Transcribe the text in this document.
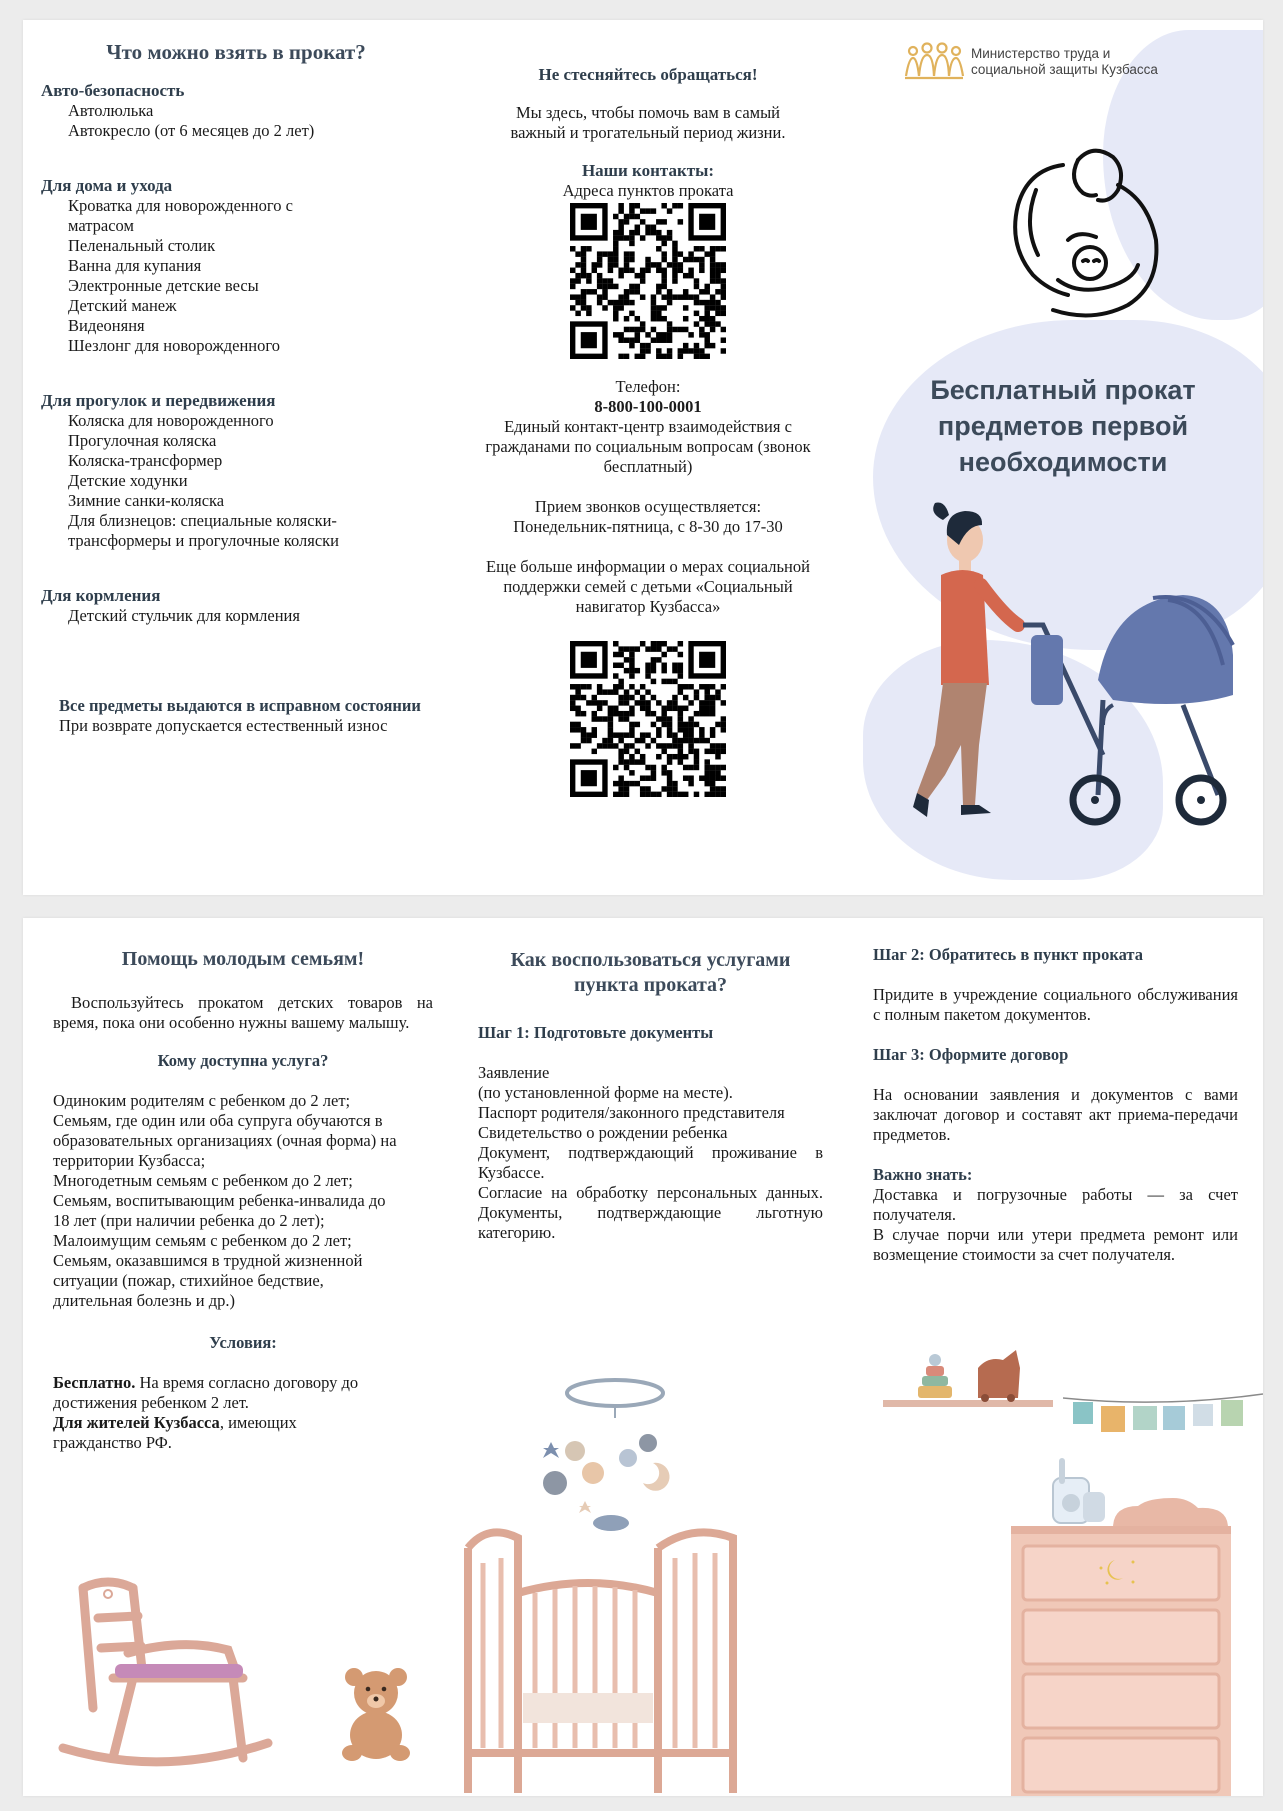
Что можно взять в прокат?
Авто-безопасность
Автолюлька
Автокресло (от 6 месяцев до 2 лет)
Для дома и ухода
Кроватка для новорожденного с матрасом
Пеленальный столик
Ванна для купания
Электронные детские весы
Детский манеж
Видеоняня
Шезлонг для новорожденного
Для прогулок и передвижения
Коляска для новорожденного
Прогулочная коляска
Коляска-трансформер
Детские ходунки
Зимние санки-коляска
Для близнецов: специальные коляски-трансформеры и прогулочные коляски
Для кормления
Детский стульчик для кормления
Все предметы выдаются в исправном состоянии
При возврате допускается естественный износ
Не стесняйтесь обращаться!
Мы здесь, чтобы помочь вам в самый важный и трогательный период жизни.
Наши контакты:
Адреса пунктов проката
Телефон:
8-800-100-0001
Единый контакт-центр взаимодействия с гражданами по социальным вопросам (звонок бесплатный)
Прием звонков осуществляется:
Понедельник-пятница, с 8-30 до 17-30
Еще больше информации о мерах социальной поддержки семей с детьми «Социальный навигатор Кузбасса»
Министерство труда и
социальной защиты Кузбасса
Бесплатный прокат
предметов первой
необходимости
Помощь молодым семьям!
Воспользуйтесь прокатом детских товаров на время, пока они особенно нужны вашему малышу.
Кому доступна услуга?
Одиноким родителям с ребенком до 2 лет;
Семьям, где один или оба супруга обучаются в образовательных организациях (очная форма) на территории Кузбасса;
Многодетным семьям с ребенком до 2 лет;
Семьям, воспитывающим ребенка-инвалида до 18 лет (при наличии ребенка до 2 лет);
Малоимущим семьям с ребенком до 2 лет;
Семьям, оказавшимся в трудной жизненной ситуации (пожар, стихийное бедствие, длительная болезнь и др.)
Условия:
Бесплатно. На время согласно договору до достижения ребенком 2 лет.
Для жителей Кузбасса, имеющих гражданство РФ.
Как воспользоваться услугами пункта проката?
Шаг 1: Подготовьте документы
Заявление
(по установленной форме на месте).
Паспорт родителя/законного представителя
Свидетельство о рождении ребенка
Документ, подтверждающий проживание в Кузбассе.
Согласие на обработку персональных данных. Документы, подтверждающие льготную категорию.
Шаг 2: Обратитесь в пункт проката
Придите в учреждение социального обслуживания с полным пакетом документов.
Шаг 3: Оформите договор
На основании заявления и документов с вами заключат договор и составят акт приема-передачи предметов.
Важно знать:
Доставка и погрузочные работы — за счет получателя.
В случае порчи или утери предмета ремонт или возмещение стоимости за счет получателя.
